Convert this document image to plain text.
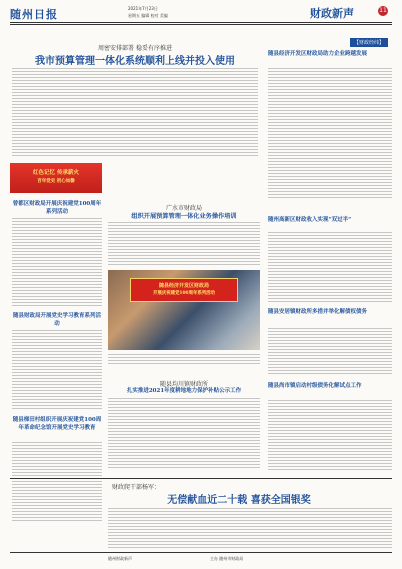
随州日报	2021年7月23日
星期五 编辑 校对 美编	财政新声	11
周密安排部署 稳妥有序推进
我市预算管理一体化系统顺利上线并投入使用
【财政经纬】
随县经济开发区财政局助力企业跨越发展
红色记忆 传承薪火
百年党史 初心如磐
曾都区财政局开展庆祝建党100周年系列活动
随县财政局开展党史学习教育系列活动
随县梯田村组织开展庆祝建党100周年革命纪念馆开展党史学习教育
广水市财政局
组织开展预算管理一体化业务操作培训
随县经济开发区财政局
开展庆祝建党100周年系列活动
随州高新区财政收入实现“双过半”
随县安居镇财政所多措并举化解债权债务
随县尚市镇启动村级债务化解试点工作
随县均川镇财政所
扎实推进2021年度耕地地力保护补贴公示工作
财政爬干部杨军：
无偿献血近二十载 喜获全国银奖
随州财政新声	主办 随州市财政局
